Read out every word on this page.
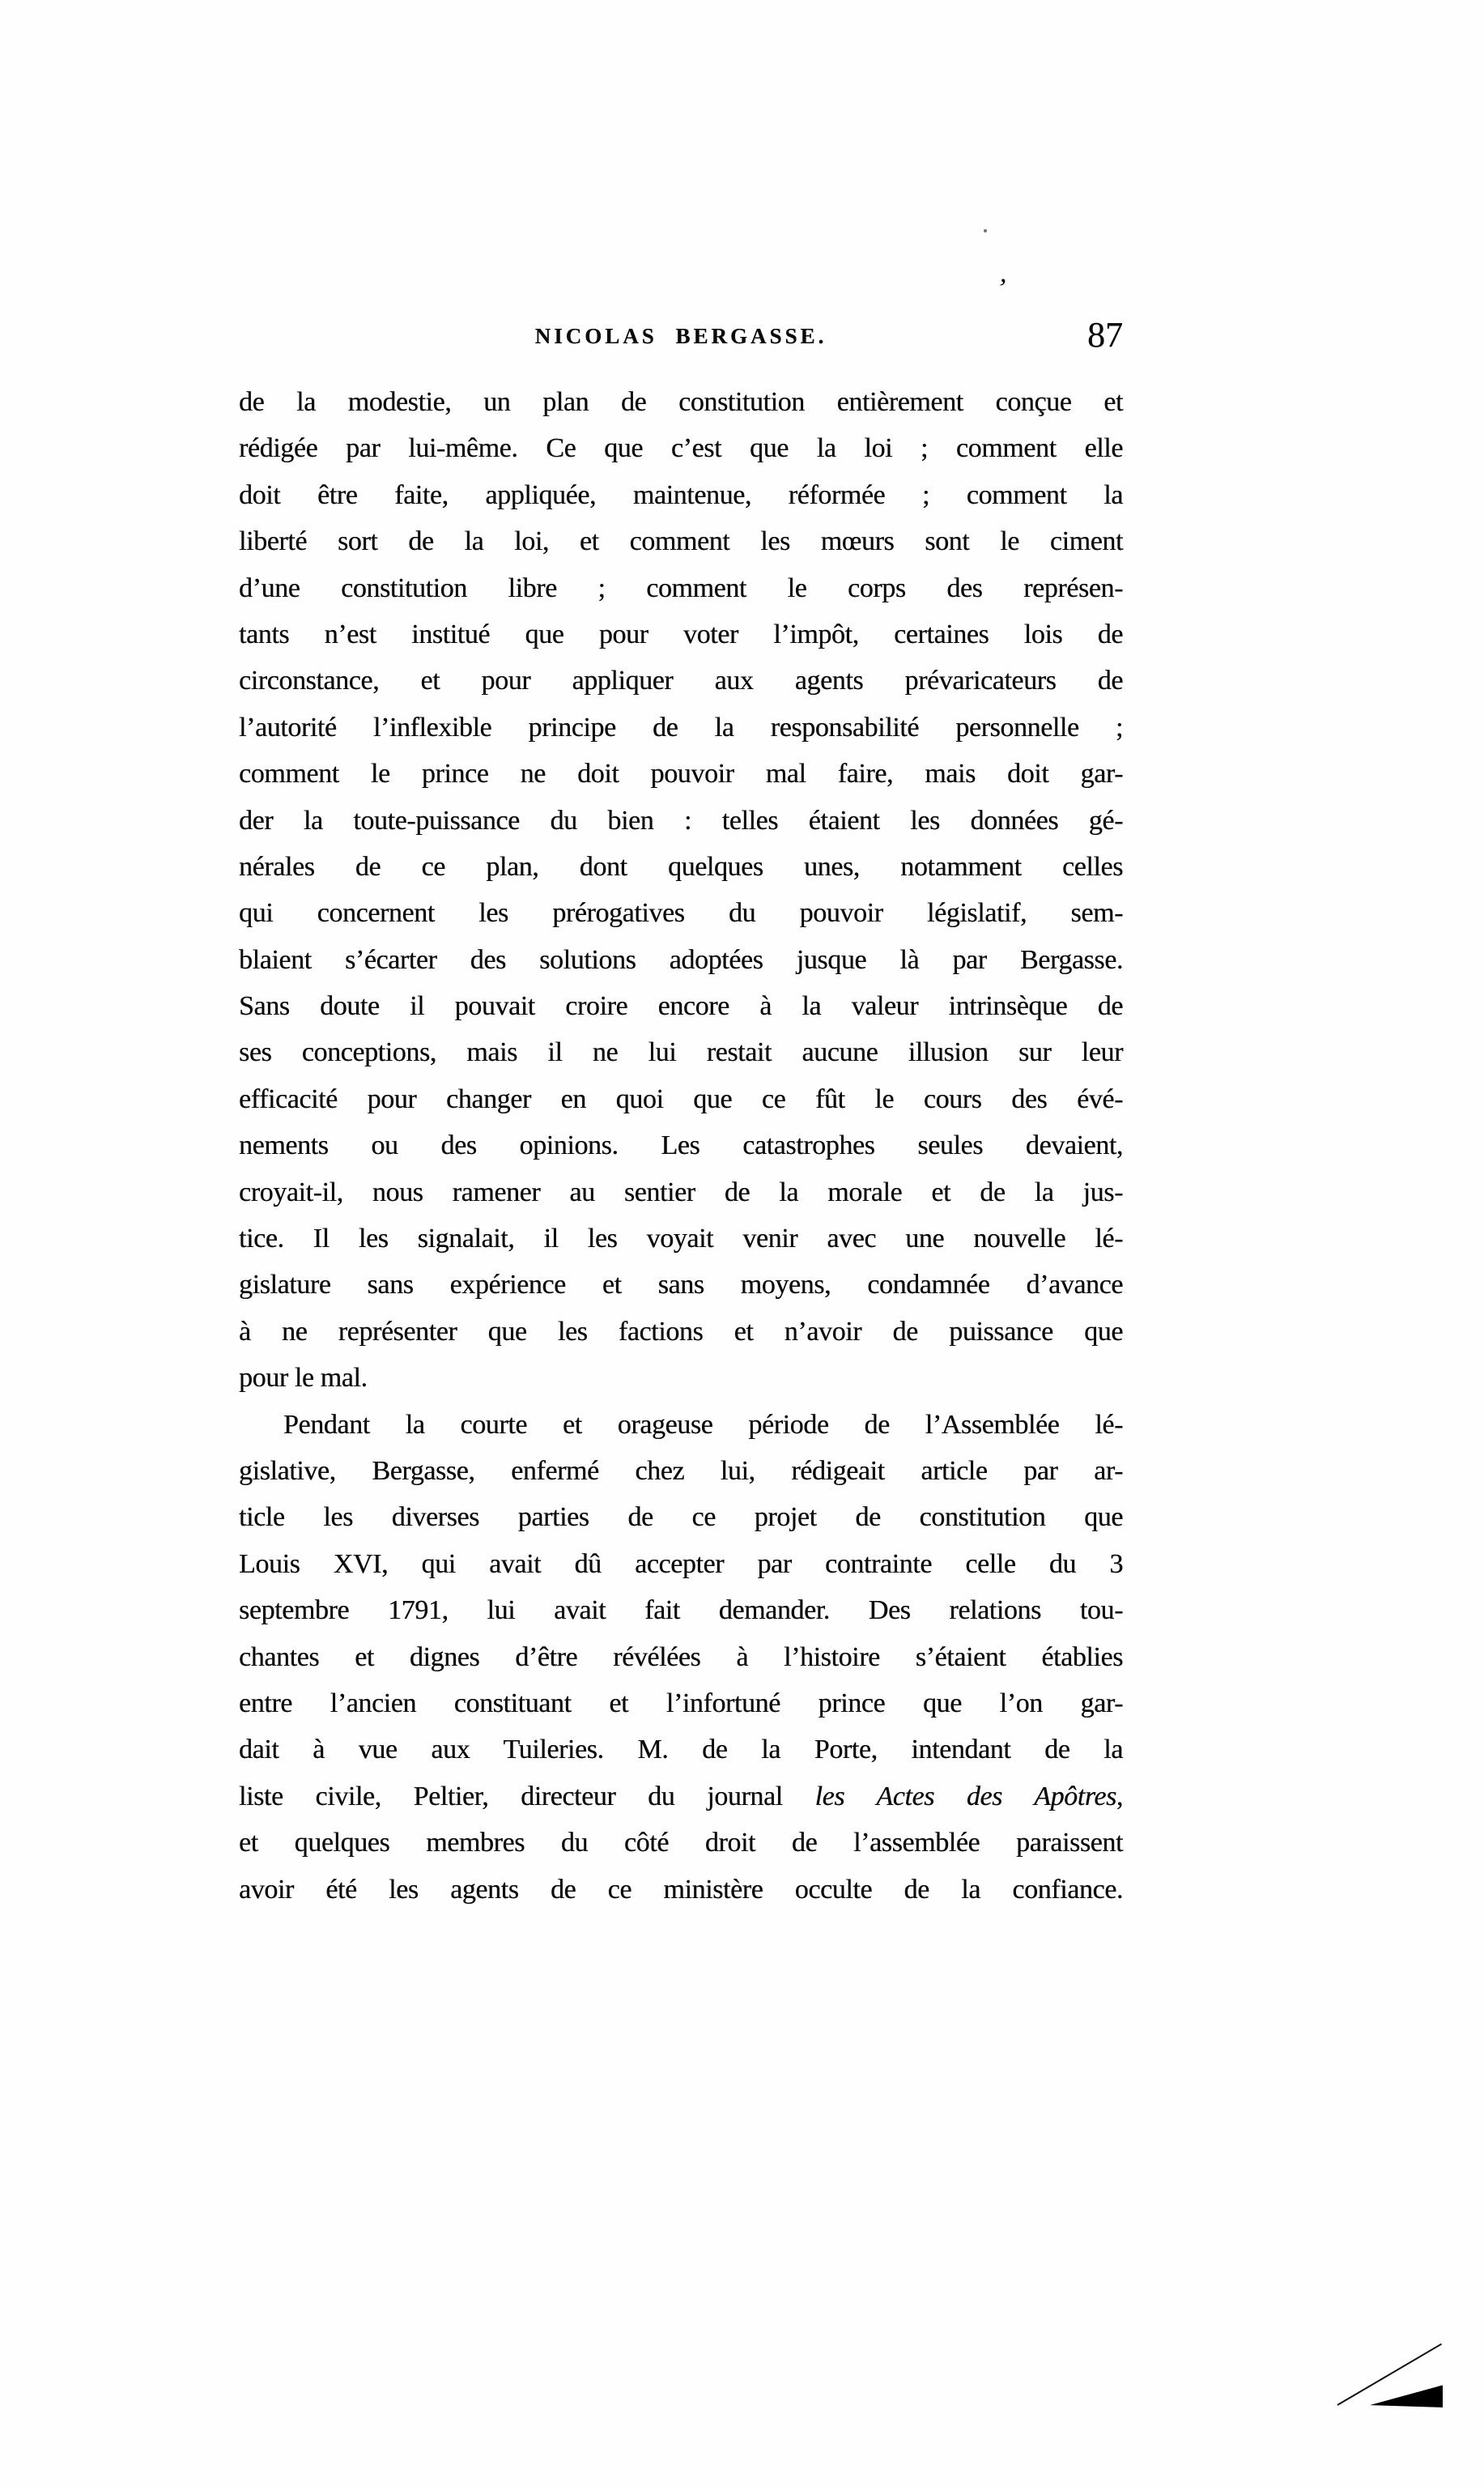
’
NICOLAS BERGASSE.	87
de la modestie, un plan de constitution entièrement conçue et
rédigée par lui-même. Ce que c’est que la loi ; comment elle
doit être faite, appliquée, maintenue, réformée ; comment la
liberté sort de la loi, et comment les mœurs sont le ciment
d’une constitution libre ; comment le corps des représen-
tants n’est institué que pour voter l’impôt, certaines lois de
circonstance, et pour appliquer aux agents prévaricateurs de
l’autorité l’inflexible principe de la responsabilité personnelle ;
comment le prince ne doit pouvoir mal faire, mais doit gar-
der la toute-puissance du bien : telles étaient les données gé-
nérales de ce plan, dont quelques unes, notamment celles
qui concernent les prérogatives du pouvoir législatif, sem-
blaient s’écarter des solutions adoptées jusque là par Bergasse.
Sans doute il pouvait croire encore à la valeur intrinsèque de
ses conceptions, mais il ne lui restait aucune illusion sur leur
efficacité pour changer en quoi que ce fût le cours des évé-
nements ou des opinions. Les catastrophes seules devaient,
croyait-il, nous ramener au sentier de la morale et de la jus-
tice. Il les signalait, il les voyait venir avec une nouvelle lé-
gislature sans expérience et sans moyens, condamnée d’avance
à ne représenter que les factions et n’avoir de puissance que
pour le mal.
Pendant la courte et orageuse période de l’Assemblée lé-
gislative, Bergasse, enfermé chez lui, rédigeait article par ar-
ticle les diverses parties de ce projet de constitution que
Louis XVI, qui avait dû accepter par contrainte celle du 3
septembre 1791, lui avait fait demander. Des relations tou-
chantes et dignes d’être révélées à l’histoire s’étaient établies
entre l’ancien constituant et l’infortuné prince que l’on gar-
dait à vue aux Tuileries. M. de la Porte, intendant de la
liste civile, Peltier, directeur du journal les Actes des Apôtres,
et quelques membres du côté droit de l’assemblée paraissent
avoir été les agents de ce ministère occulte de la confiance.
